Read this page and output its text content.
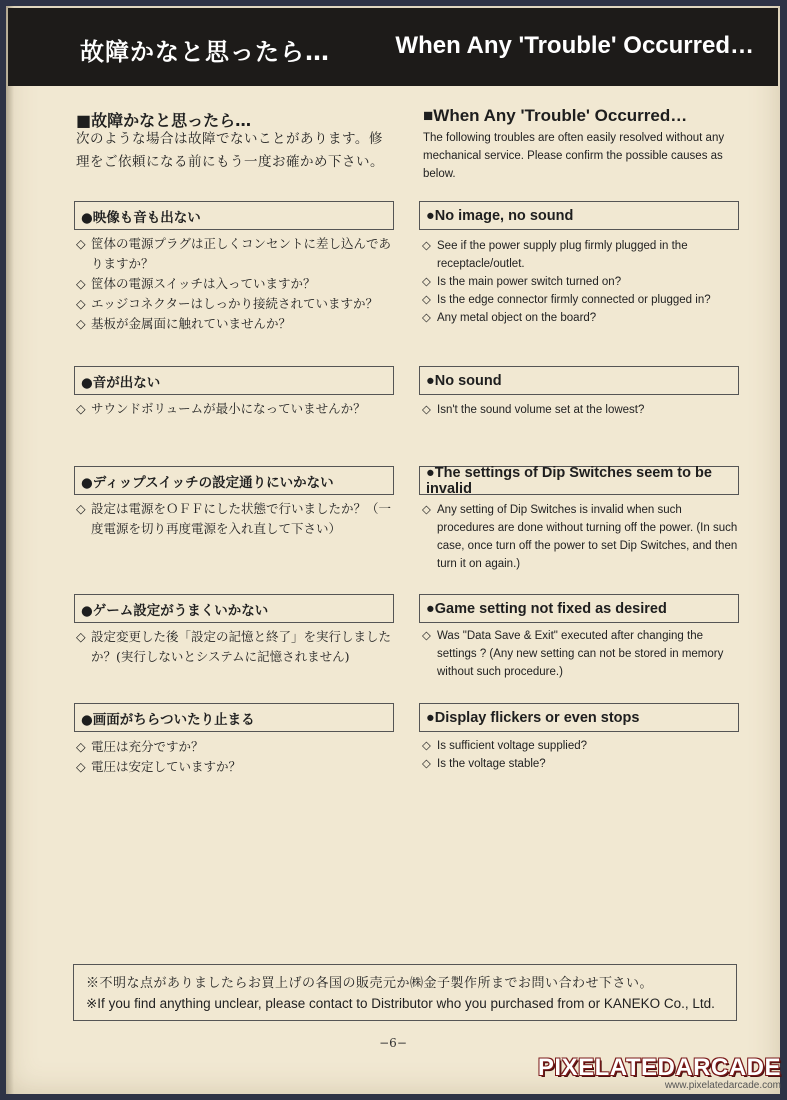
故障かなと思ったら…	When Any 'Trouble' Occurred…
■故障かなと思ったら…
次のような場合は故障でないことがあります。修理をご依頼になる前にもう一度お確かめ下さい。
■When Any 'Trouble' Occurred…
The following troubles are often easily resolved without any mechanical service. Please confirm the possible causes as below.
●映像も音も出ない	●No image, no sound
◇ 筐体の電源プラグは正しくコンセントに差し込んでありますか？
◇ 筐体の電源スイッチは入っていますか？
◇ エッジコネクターはしっかり接続されていますか？
◇ 基板が金属面に触れていませんか？
◇ See if the power supply plug firmly plugged in the receptacle/outlet.
◇ Is the main power switch turned on?
◇ Is the edge connector firmly connected or plugged in?
◇ Any metal object on the board?
●音が出ない	●No sound
◇ サウンドボリュームが最小になっていませんか？	◇ Isn't the sound volume set at the lowest?
●ディップスイッチの設定通りにいかない
●The settings of Dip Switches seem to be invalid
◇ 設定は電源をＯＦＦにした状態で行いましたか？（一度電源を切り再度電源を入れ直して下さい）
◇ Any setting of Dip Switches is invalid when such procedures are done without turning off the power. (In such case, once turn off the power to set Dip Switches, and then turn it on again.)
●ゲーム設定がうまくいかない	●Game setting not fixed as desired
◇ 設定変更した後「設定の記憶と終了」を実行しましたか？(実行しないとシステムに記憶されません)
◇ Was "Data Save & Exit" executed after changing the settings ? (Any new setting can not be stored in memory without such procedure.)
●画面がちらついたり止まる	●Display flickers or even stops
◇ 電圧は充分ですか？
◇ 電圧は安定していますか？
◇ Is sufficient voltage supplied?
◇ Is the voltage stable?
※不明な点がありましたらお買上げの各国の販売元か㈱金子製作所までお問い合わせ下さい。
※If you find anything unclear, please contact to Distributor who you purchased from or KANEKO Co., Ltd.
−6−
PIXELATEDARCADE
www.pixelatedarcade.com
